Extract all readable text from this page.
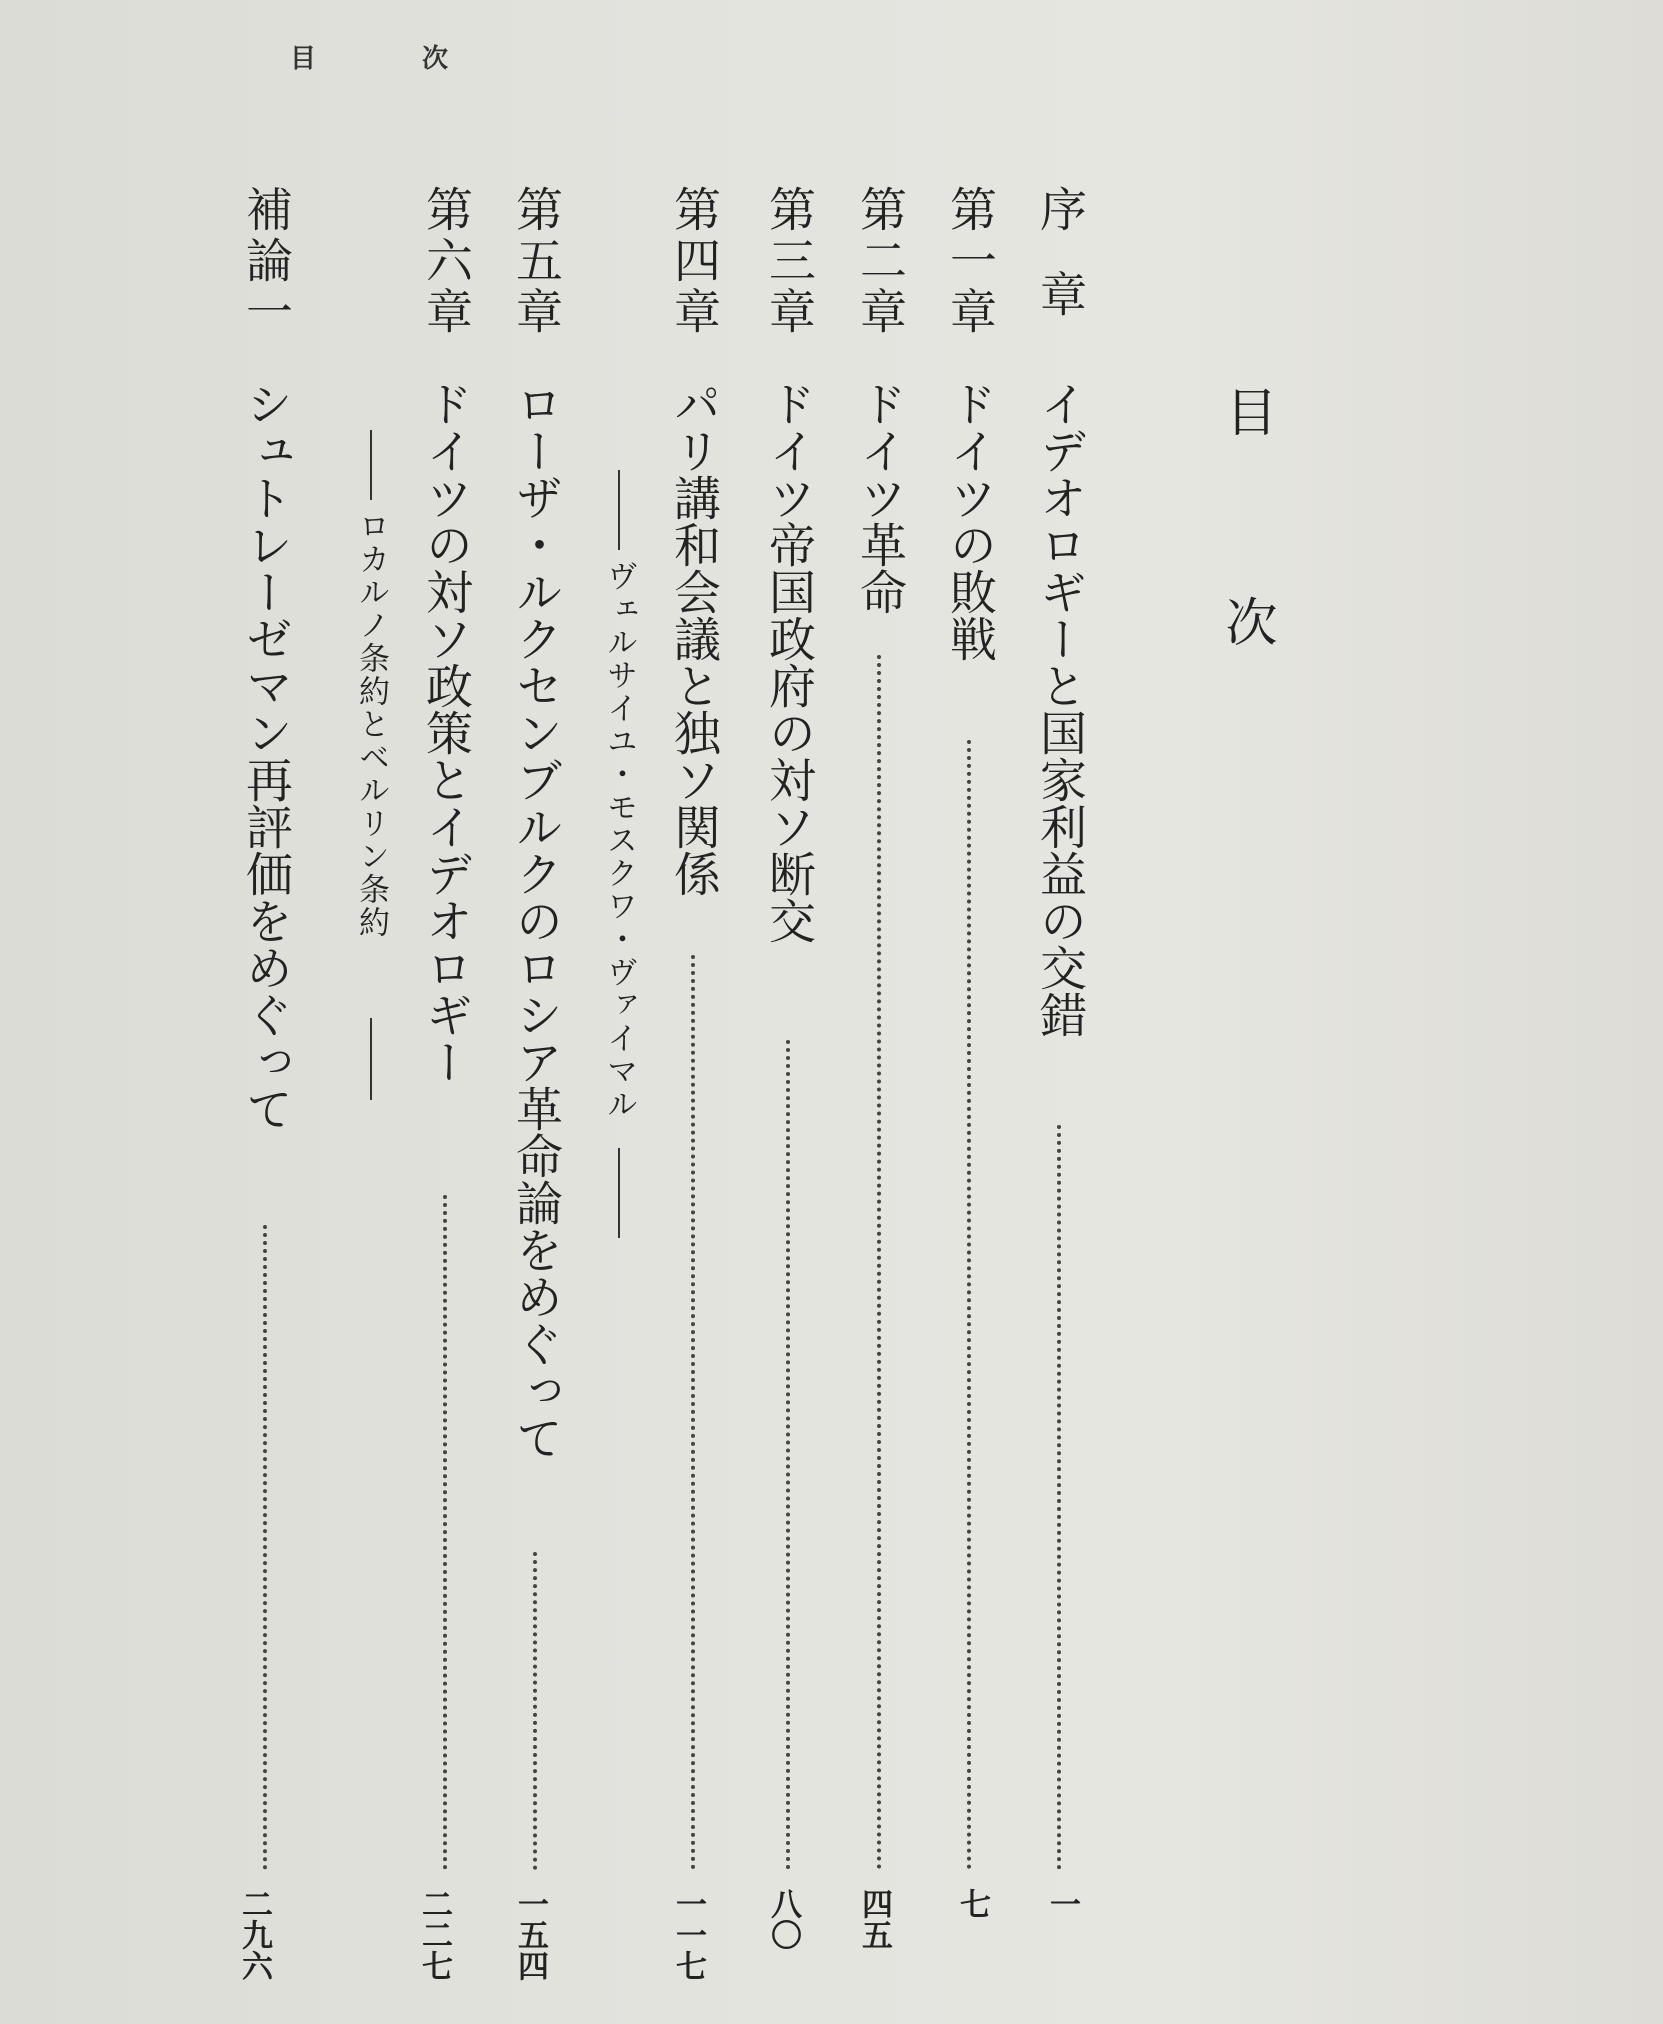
目	次
目
次
序章
イデオロギーと国家利益の交錯
一
第一章
ドイツの敗戦
七
第二章
ドイツ革命
四五
第三章
ドイツ帝国政府の対ソ断交
八〇
第四章
パリ講和会議と独ソ関係
ヴェルサイユ・モスクワ・ヴァイマル
一一七
第五章
ローザ・ルクセンブルクのロシア革命論をめぐって
一五四
第六章
ドイツの対ソ政策とイデオロギー
ロカルノ条約とベルリン条約
二二七
補論一
シュトレーゼマン再評価をめぐって
二九六
